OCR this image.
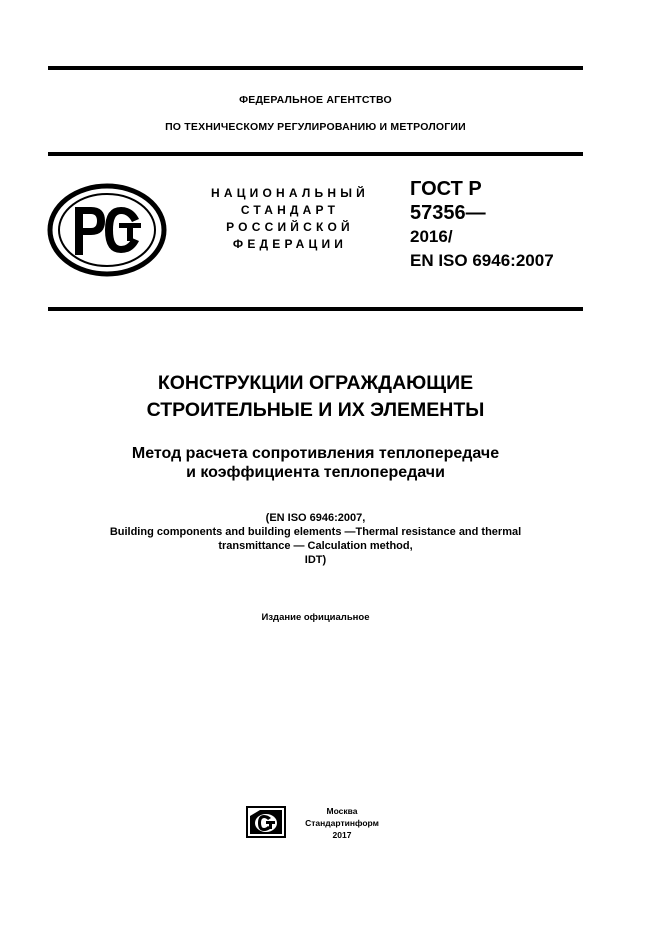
ФЕДЕРАЛЬНОЕ АГЕНТСТВО
ПО ТЕХНИЧЕСКОМУ РЕГУЛИРОВАНИЮ И МЕТРОЛОГИИ
НАЦИОНАЛЬНЫЙ
СТАНДАРТ
РОССИЙСКОЙ
ФЕДЕРАЦИИ
ГОСТ Р
57356—
2016/
EN ISO 6946:2007
КОНСТРУКЦИИ ОГРАЖДАЮЩИЕ
СТРОИТЕЛЬНЫЕ И ИХ ЭЛЕМЕНТЫ
Метод расчета сопротивления теплопередаче
и коэффициента теплопередачи
(EN ISO 6946:2007,
Building components and building elements —Thermal resistance and thermal
transmittance — Calculation method,
IDT)
Издание официальное
Москва
Стандартинформ
2017
